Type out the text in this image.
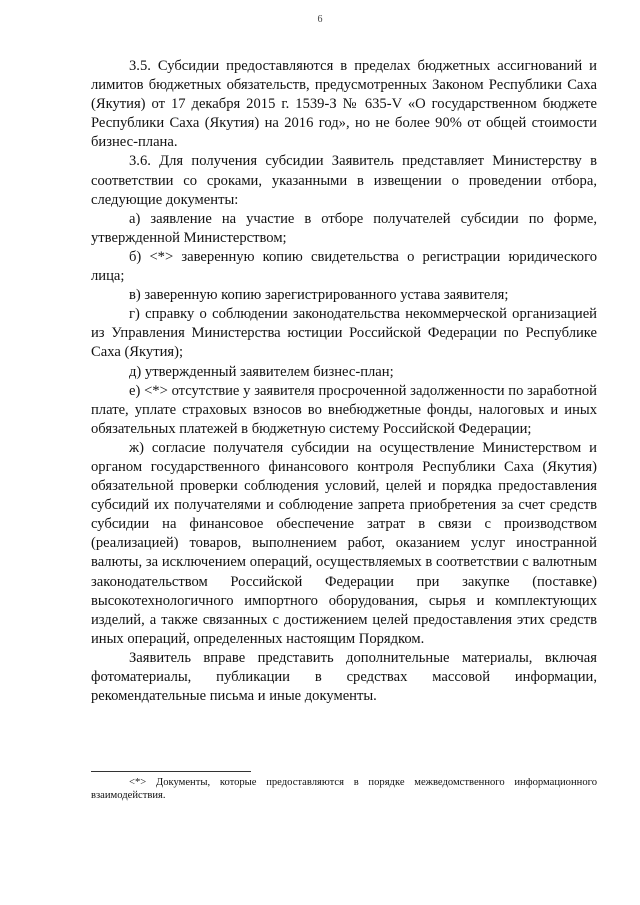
6

3.5. Субсидии предоставляются в пределах бюджетных ассигнований и лимитов бюджетных обязательств, предусмотренных Законом Республики Саха (Якутия) от 17 декабря 2015 г. 1539-З № 635-V «О государственном бюджете Республики Саха (Якутия) на 2016 год», но не более 90% от общей стоимости бизнес-плана.

3.6. Для получения субсидии Заявитель представляет Министерству в соответствии со сроками, указанными в извещении о проведении отбора, следующие документы:

а) заявление на участие в отборе получателей субсидии по форме, утвержденной Министерством;

б) <*> заверенную копию свидетельства о регистрации юридического лица;

в) заверенную копию зарегистрированного устава заявителя;

г) справку о соблюдении законодательства некоммерческой организацией из Управления Министерства юстиции Российской Федерации по Республике Саха (Якутия);

д) утвержденный заявителем бизнес-план;

е) <*> отсутствие у заявителя просроченной задолженности по заработной плате, уплате страховых взносов во внебюджетные фонды, налоговых и иных обязательных платежей в бюджетную систему Российской Федерации;

ж) согласие получателя субсидии на осуществление Министерством и органом государственного финансового контроля Республики Саха (Якутия) обязательной проверки соблюдения условий, целей и порядка предоставления субсидий их получателями и соблюдение запрета приобретения за счет средств субсидии на финансовое обеспечение затрат в связи с производством (реализацией) товаров, выполнением работ, оказанием услуг иностранной валюты, за исключением операций, осуществляемых в соответствии с валютным законодательством Российской Федерации при закупке (поставке) высокотехнологичного импортного оборудования, сырья и комплектующих изделий, а также связанных с достижением целей предоставления этих средств иных операций, определенных настоящим Порядком.

Заявитель вправе представить дополнительные материалы, включая фотоматериалы, публикации в средствах массовой информации, рекомендательные письма и иные документы.

<*> Документы, которые предоставляются в порядке межведомственного информационного взаимодействия.
